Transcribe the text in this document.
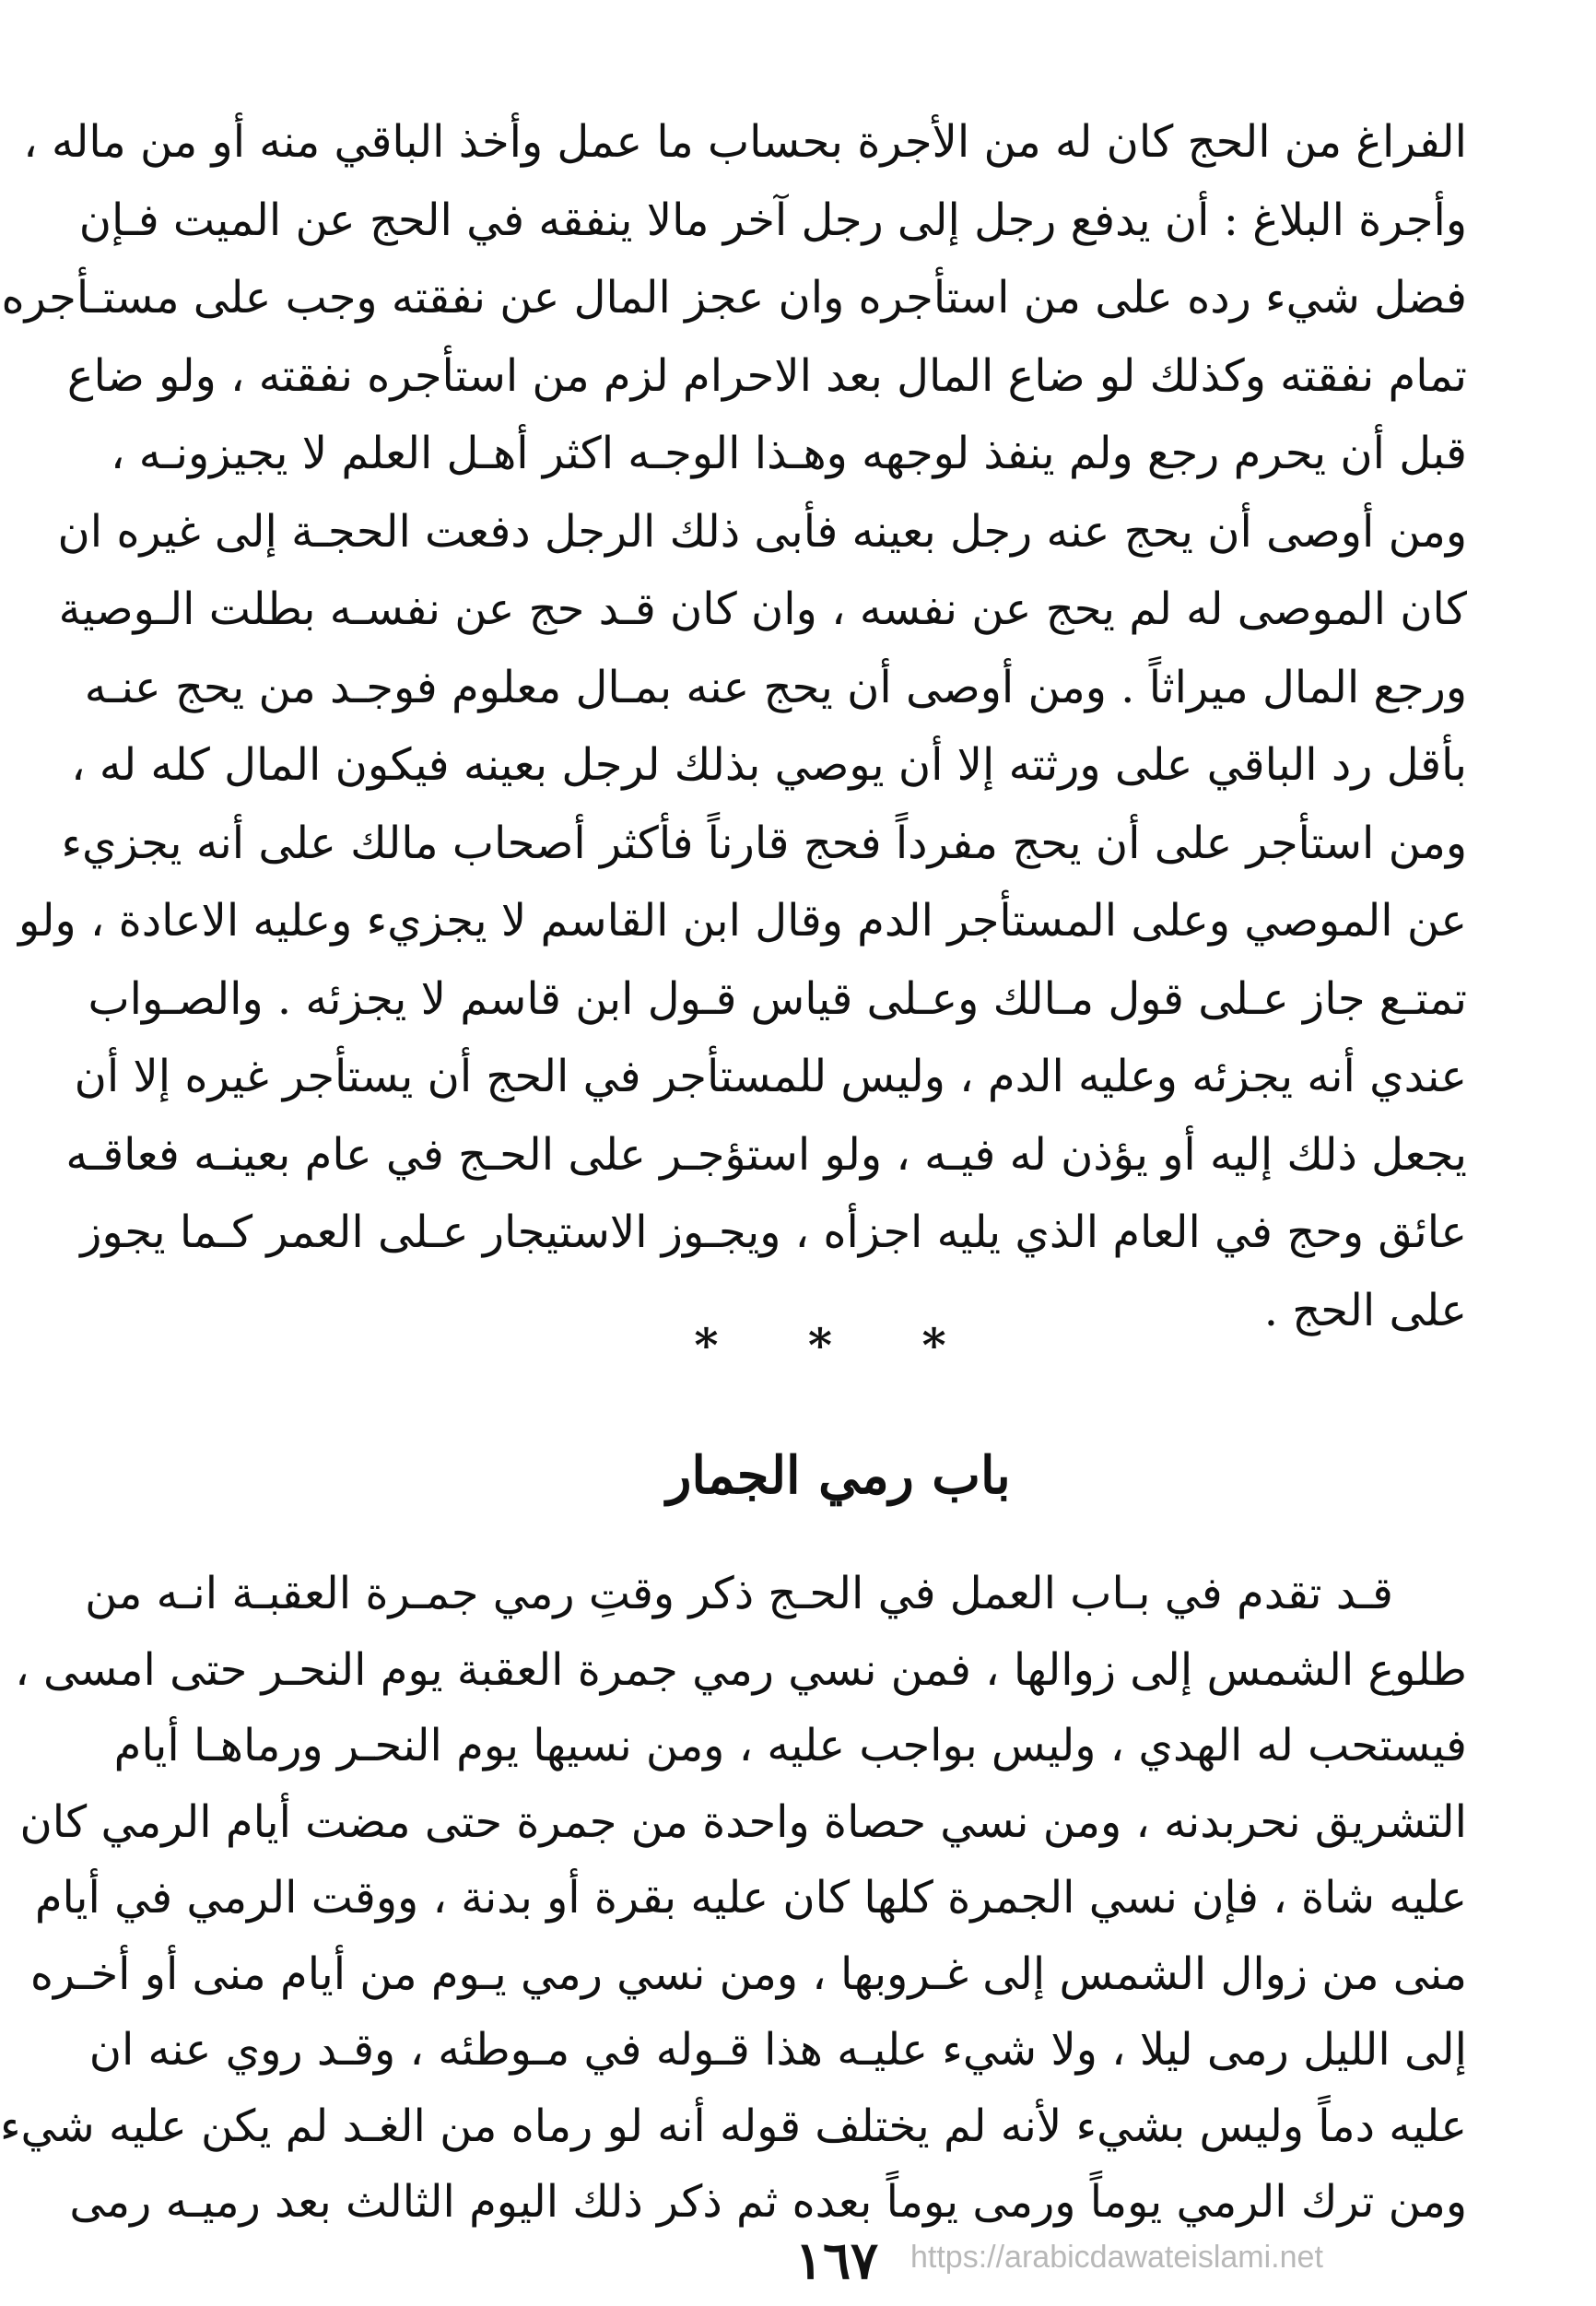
الفراغ من الحج كان له من الأجرة بحساب ما عمل وأخذ الباقي منه أو من ماله ،
وأجرة البلاغ : أن يدفع رجل إلى رجل آخر مالا ينفقه في الحج عن الميت فـإن
فضل شيء رده على من استأجره وان عجز المال عن نفقته وجب على مستـأجره
تمام نفقته وكذلك لو ضاع المال بعد الاحرام لزم من استأجره نفقته ، ولو ضاع
قبل أن يحرم رجع ولم ينفذ لوجهه وهـذا الوجـه اكثر أهـل العلم لا يجيزونـه ،
ومن أوصى أن يحج عنه رجل بعينه فأبى ذلك الرجل دفعت الحجـة إلى غيره ان
كان الموصى له لم يحج عن نفسه ، وان كان قـد حج عن نفسـه بطلت الـوصية
ورجع المال ميراثاً . ومن أوصى أن يحج عنه بمـال معلوم فوجـد من يحج عنـه
بأقل رد الباقي على ورثته إلا أن يوصي بذلك لرجل بعينه فيكون المال كله له ،
ومن استأجر على أن يحج مفرداً فحج قارناً فأكثر أصحاب مالك على أنه يجزيء
عن الموصي وعلى المستأجر الدم وقال ابن القاسم لا يجزيء وعليه الاعادة ، ولو
تمتـع جاز عـلى قول مـالك وعـلى قياس قـول ابن قاسم لا يجزئه . والصـواب
عندي أنه يجزئه وعليه الدم ، وليس للمستأجر في الحج أن يستأجر غيره إلا أن
يجعل ذلك إليه أو يؤذن له فيـه ، ولو استؤجـر على الحـج في عام بعينـه فعاقـه
عائق وحج في العام الذي يليه اجزأه ، ويجـوز الاستيجار عـلى العمر كـما يجوز
على الحج .
* * *
باب رمي الجمار
قـد تقدم في بـاب العمل في الحـج ذكر وقتِ رمي جمـرة العقبـة انـه من
طلوع الشمس إلى زوالها ، فمن نسي رمي جمرة العقبة يوم النحـر حتى امسى ،
فيستحب له الهدي ، وليس بواجب عليه ، ومن نسيها يوم النحـر ورماهـا أيام
التشريق نحربدنه ، ومن نسي حصاة واحدة من جمرة حتى مضت أيام الرمي كان
عليه شاة ، فإن نسي الجمرة كلها كان عليه بقرة أو بدنة ، ووقت الرمي في أيام
منى من زوال الشمس إلى غـروبها ، ومن نسي رمي يـوم من أيام منى أو أخـره
إلى الليل رمى ليلا ، ولا شيء عليـه هذا قـوله في مـوطئه ، وقـد روي عنه ان
عليه دماً وليس بشيء لأنه لم يختلف قوله أنه لو رماه من الغـد لم يكن عليه شيء
ومن ترك الرمي يوماً ورمى يوماً بعده ثم ذكر ذلك اليوم الثالث بعد رميـه رمى
١٦٧	https://arabicdawateislami.net
